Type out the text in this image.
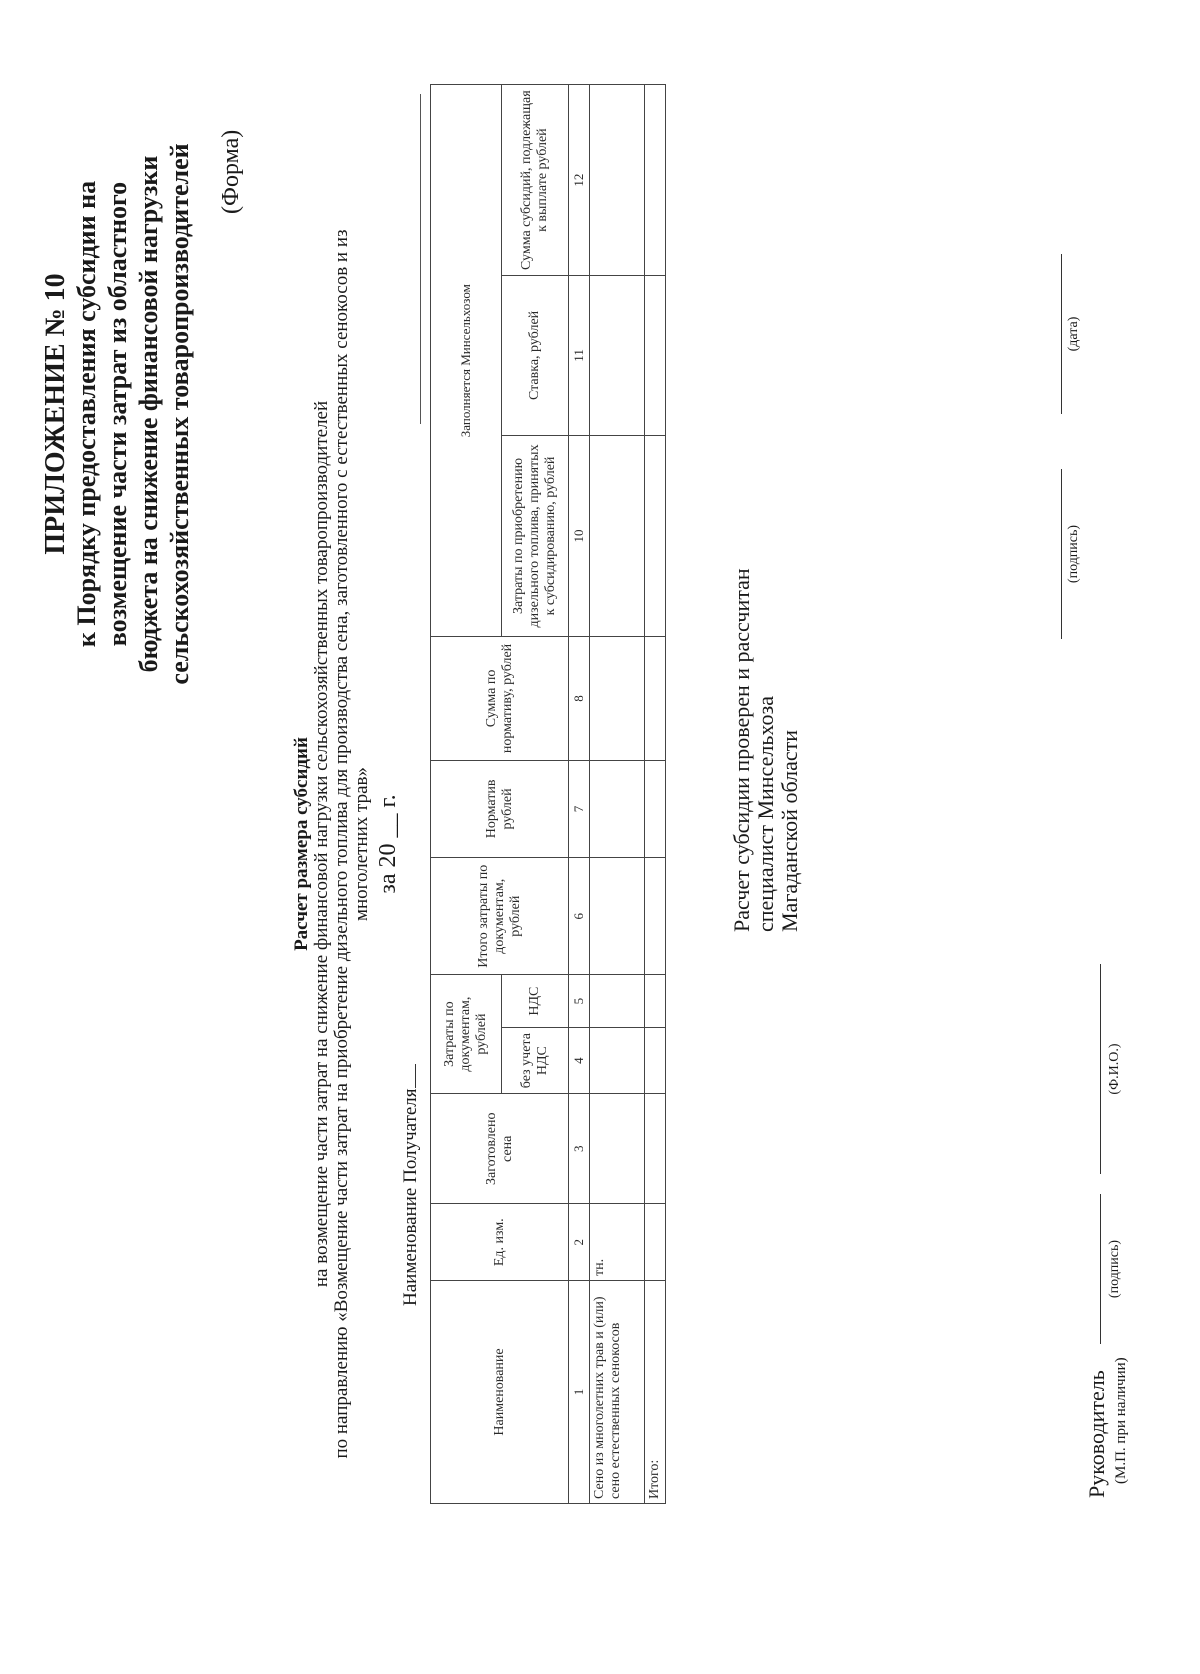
ПРИЛОЖЕНИЕ № 10 к Порядку предоставления субсидии на возмещение части затрат из областного бюджета на снижение финансовой нагрузки сельскохозяйственных товаропроизводителей (Форма)
Расчет размера субсидий на возмещение части затрат на снижение финансовой нагрузки сельскохозяйственных товаропроизводителей по направлению «Возмещение части затрат на приобретение дизельного топлива для производства сена, заготовленного с естественных сенокосов и из многолетних трав» за 20 __ г.
Наименование Получателя
Наименование	Ед. изм.	Заготовлено сена	Затраты по документам, рублей		Итого затраты по документам, рублей	Норматив рублей	Сумма по нормативу, рублей	Заполняется Минсельхозом		
			без учета НДС	НДС				Затраты по приобретению дизельного топлива, принятых к субсидированию, рублей	Ставка, рублей	Сумма субсидий, подлежащая к выплате рублей

1	2	3	4	5	6	7	8	10	11	12
Сено из многолетних трав и (или) сено естественных сенокосов	тн.									
Итого:											Руководитель (М.П. при наличии)
(подпись)
(Ф.И.О.)
Расчет субсидии проверен и рассчитан специалист Минсельхоза Магаданской области
(подпись)
(дата)
